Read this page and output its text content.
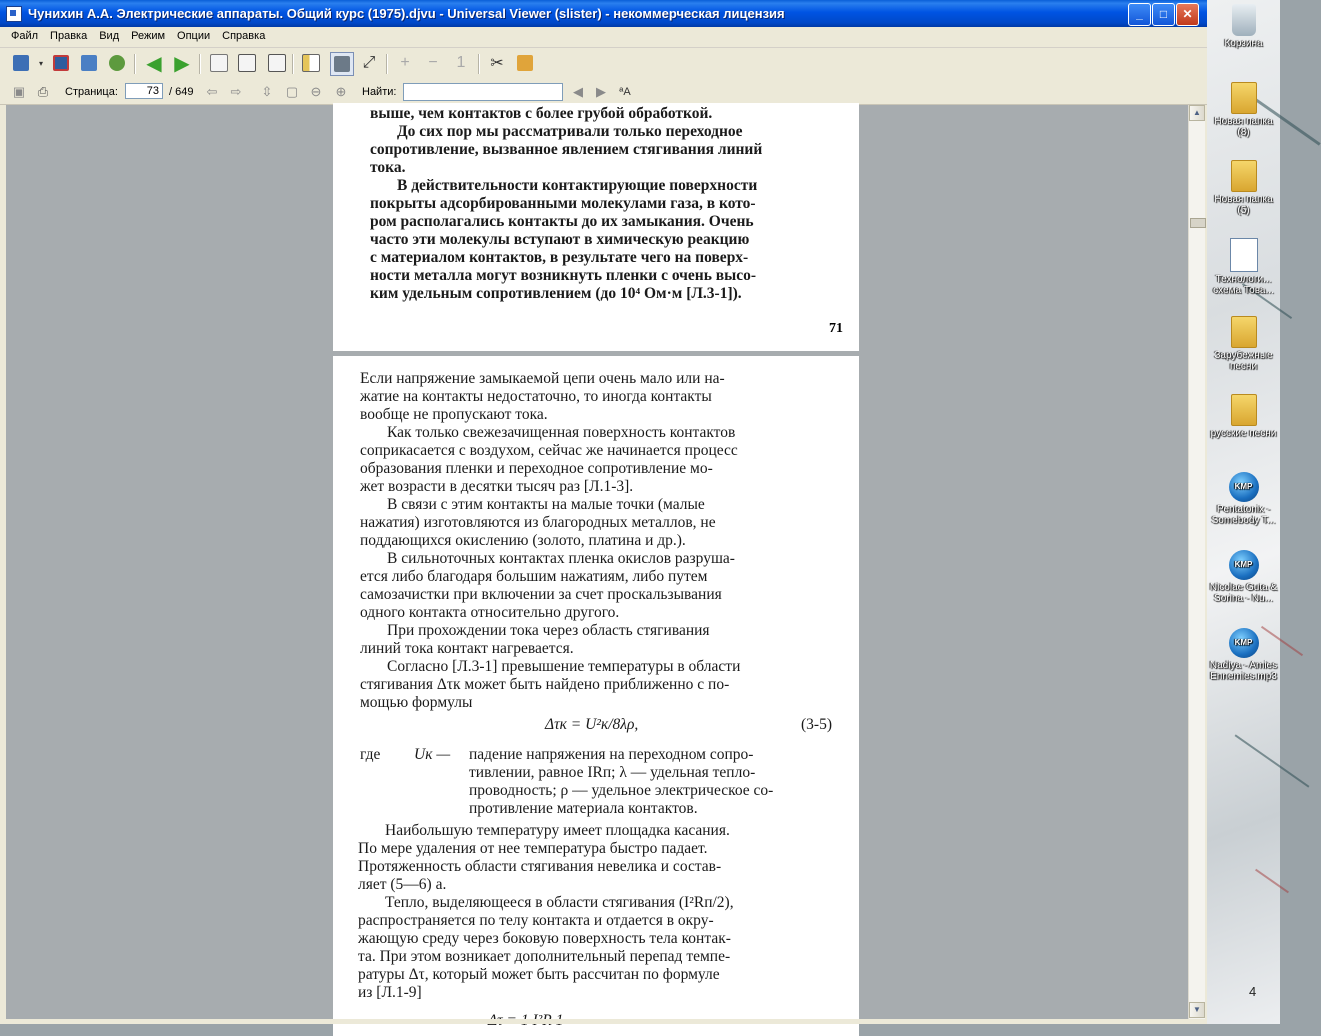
Корзина
Новая папка (8)
Новая папка (5)
Технологи... схема Това...
Зарубежные песни
русские песни
KMP
Pentatonix - Somebody T...
KMP
Nicolae Guta & Sorina - Nu...
KMP
Nadiya - Amies Ennemies.mp3
4
Чунихин А.А. Электрические аппараты. Общий курс (1975).djvu - Universal Viewer (slister) - некоммерческая лицензия	_	□	✕
Файл Правка Вид Режим Опции Справка
▾	◀ ▶	⤢	+	−	1	✂
▣ ⎙	Страница:	/ 649 ⇦ ⇨ ⇳ ▢ ⊖ ⊕	Найти:	◀	▶	ªA
73
выше, чем контактов с более грубой обработкой.
До сих пор мы рассматривали только переходное
сопротивление, вызванное явлением стягивания линий
тока.
В действительности контактирующие поверхности
покрыты адсорбированными молекулами газа, в кото-
ром располагались контакты до их замыкания. Очень
часто эти молекулы вступают в химическую реакцию
с материалом контактов, в результате чего на поверх-
ности металла могут возникнуть пленки с очень высо-
ким удельным сопротивлением (до 10⁴ Ом·м [Л.3-1]).
71
Если напряжение замыкаемой цепи очень мало или на-
жатие на контакты недостаточно, то иногда контакты
вообще не пропускают тока.
Как только свежезачищенная поверхность контактов
соприкасается с воздухом, сейчас же начинается процесс
образования пленки и переходное сопротивление мо-
жет возрасти в десятки тысяч раз [Л.1-3].
В связи с этим контакты на малые точки (малые
нажатия) изготовляются из благородных металлов, не
поддающихся окислению (золото, платина и др.).
В сильноточных контактах пленка окислов разруша-
ется либо благодаря большим нажатиям, либо путем
самозачистки при включении за счет проскальзывания
одного контакта относительно другого.
При прохождении тока через область стягивания
линий тока контакт нагревается.
Согласно [Л.3-1] превышение температуры в области
стягивания Δτк может быть найдено приближенно с по-
мощью формулы
Δτк = U²к/8λρ,	(3-5)
где Uк — падение напряжения на переходном сопро-
тивлении, равное IRп; λ — удельная тепло-
проводность; ρ — удельное электрическое со-
противление материала контактов.
Наибольшую температуру имеет площадка касания.
По мере удаления от нее температура быстро падает.
Протяженность области стягивания невелика и состав-
ляет (5—6) a.
Тепло, выделяющееся в области стягивания (I²Rп/2),
распространяется по телу контакта и отдается в окру-
жающую среду через боковую поверхность тела контак-
та. При этом возникает дополнительный перепад темпе-
ратуры Δτ, который может быть рассчитан по формуле
из [Л.1-9]
▲
▼
